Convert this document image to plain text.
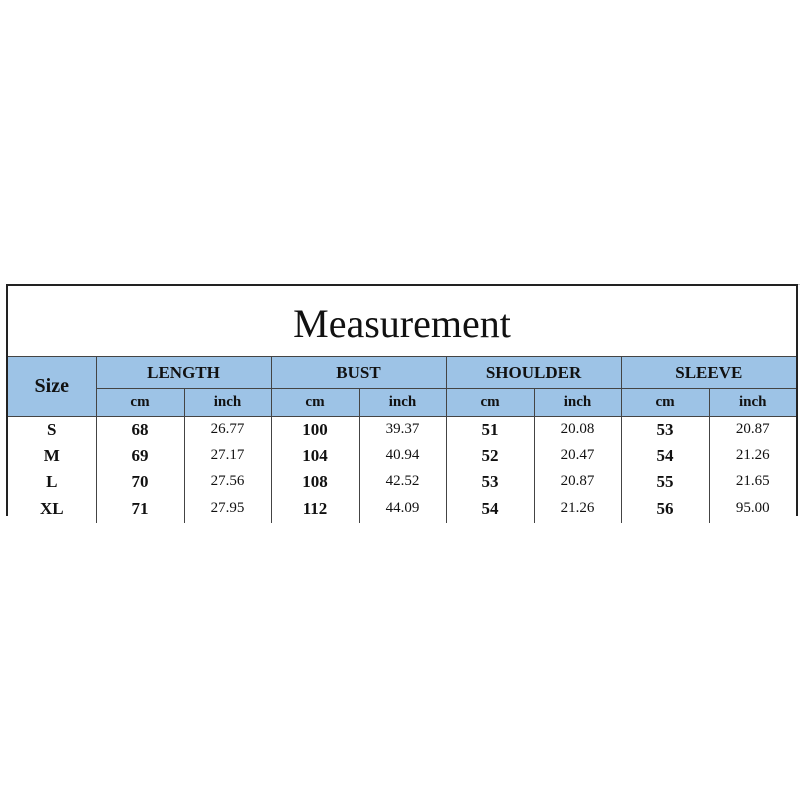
Measurement
Size	LENGTH		BUST		SHOULDER		SLEEVE	
	cm	inch	cm	inch	cm	inch	cm	inch
S	68	26.77	100	39.37	51	20.08	53	20.87
M	69	27.17	104	40.94	52	20.47	54	21.26
L	70	27.56	108	42.52	53	20.87	55	21.65
XL	71	27.95	112	44.09	54	21.26	56	95.00
